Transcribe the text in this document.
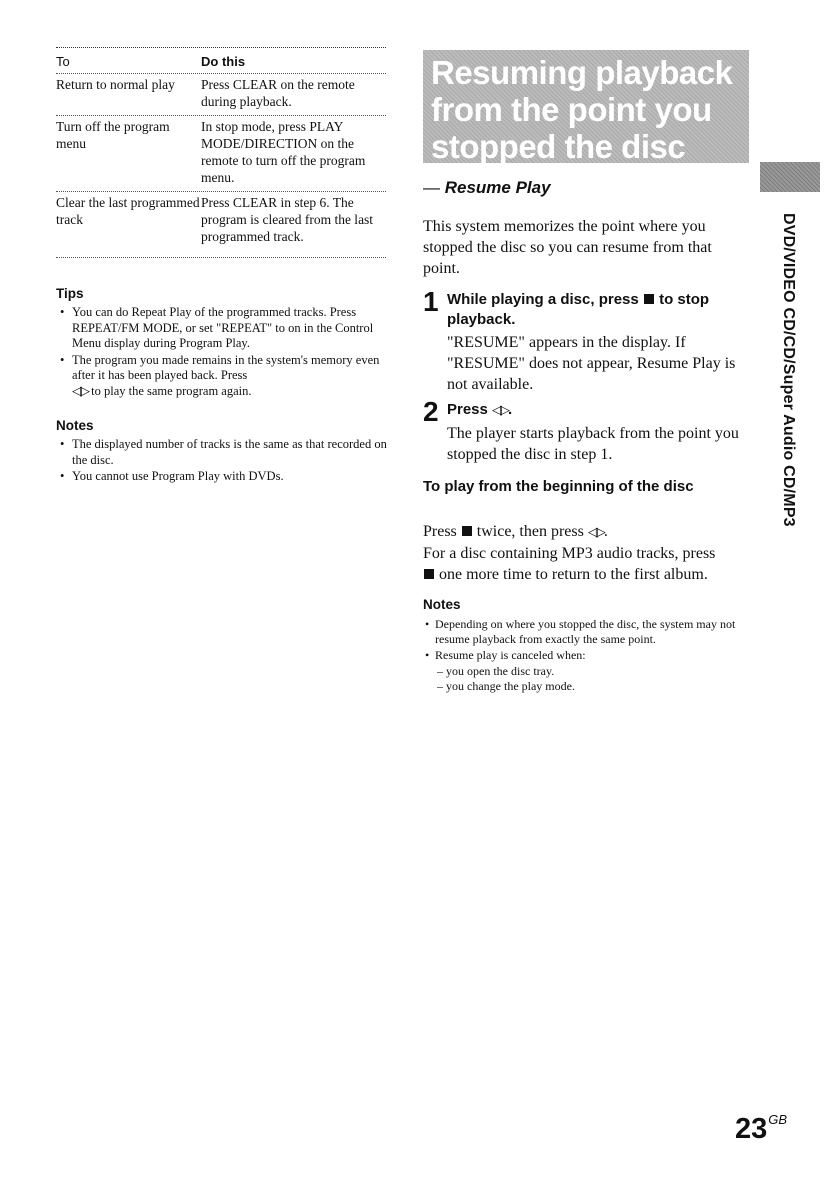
To	Do this
Return to normal play	Press CLEAR on the remote during playback.
Turn off the program menu
In stop mode, press PLAY MODE/DIRECTION on the remote to turn off the program menu.
Clear the last programmed track
Press CLEAR in step 6. The program is cleared from the last programmed track.
Tips
• You can do Repeat Play of the programmed tracks. Press REPEAT/FM MODE, or set "REPEAT" to on in the Control Menu display during Program Play.
• The program you made remains in the system's memory even after it has been played back. Press
◁▷ to play the same program again.
Notes
• The displayed number of tracks is the same as that recorded on the disc.
• You cannot use Program Play with DVDs.
Resuming playback from the point you stopped the disc
— Resume Play
This system memorizes the point where you stopped the disc so you can resume from that point.
1 While playing a disc, press to stop playback.
"RESUME" appears in the display. If "RESUME" does not appear, Resume Play is not available.
2 Press ◁▷.
The player starts playback from the point you stopped the disc in step 1.
To play from the beginning of the disc
Press twice, then press ◁▷.
For a disc containing MP3 audio tracks, press
one more time to return to the first album.
Notes
• Depending on where you stopped the disc, the system may not resume playback from exactly the same point.
• Resume play is canceled when:
– you open the disc tray.
– you change the play mode.
DVD/VIDEO CD/CD/Super Audio CD/MP3
$23^{GB}$
